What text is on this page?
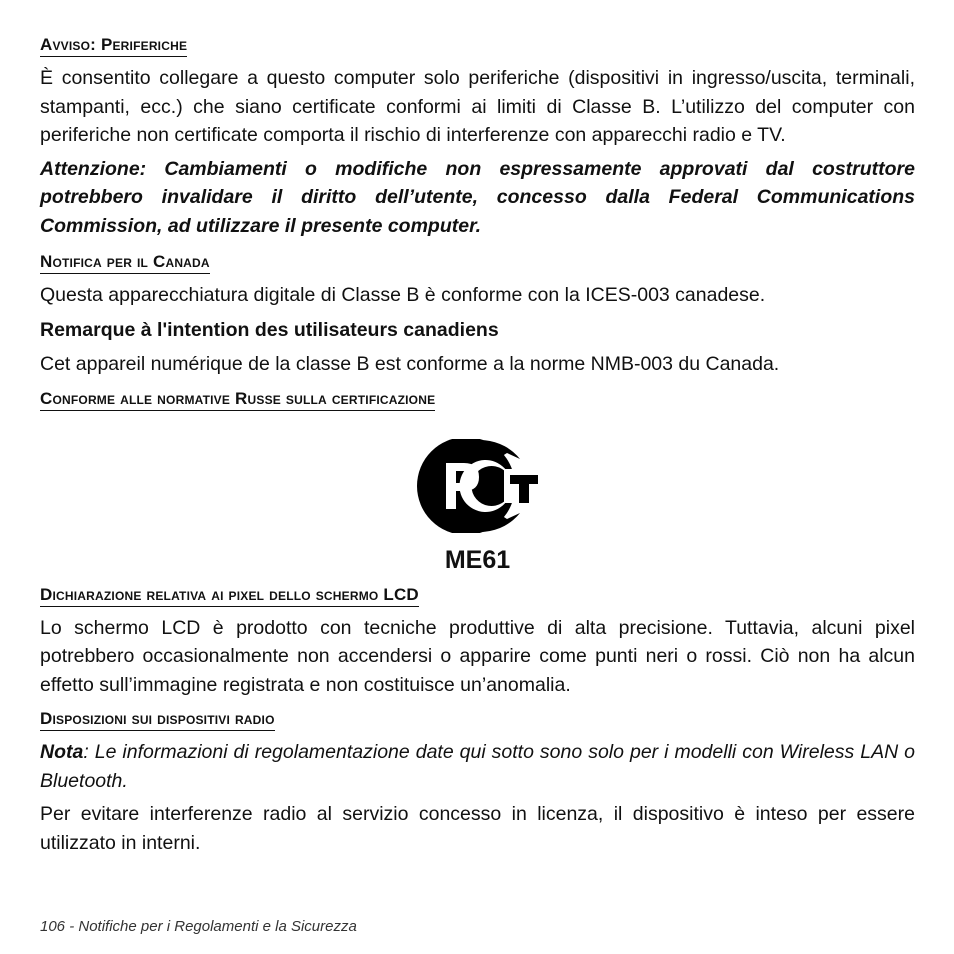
Avviso: Periferiche

È consentito collegare a questo computer solo periferiche (dispositivi in ingresso/uscita, terminali, stampanti, ecc.) che siano certificate conformi ai limiti di Classe B. L’utilizzo del computer con periferiche non certificate comporta il rischio di interferenze con apparecchi radio e TV.

Attenzione: Cambiamenti o modifiche non espressamente approvati dal costruttore potrebbero invalidare il diritto dell’utente, concesso dalla Federal Communications Commission, ad utilizzare il presente computer.

Notifica per il Canada

Questa apparecchiatura digitale di Classe B è conforme con la ICES-003 canadese.

Remarque à l'intention des utilisateurs canadiens

Cet appareil numérique de la classe B est conforme a la norme NMB-003 du Canada.

Conforme alle normative Russe sulla certificazione
ME61
Dichiarazione relativa ai pixel dello schermo LCD

Lo schermo LCD è prodotto con tecniche produttive di alta precisione. Tuttavia, alcuni pixel potrebbero occasionalmente non accendersi o apparire come punti neri o rossi. Ciò non ha alcun effetto sull’immagine registrata e non costituisce un’anomalia.

Disposizioni sui dispositivi radio

Nota: Le informazioni di regolamentazione date qui sotto sono solo per i modelli con Wireless LAN o Bluetooth.

Per evitare interferenze radio al servizio concesso in licenza, il dispositivo è inteso per essere utilizzato in interni.

106 - Notifiche per i Regolamenti e la Sicurezza
